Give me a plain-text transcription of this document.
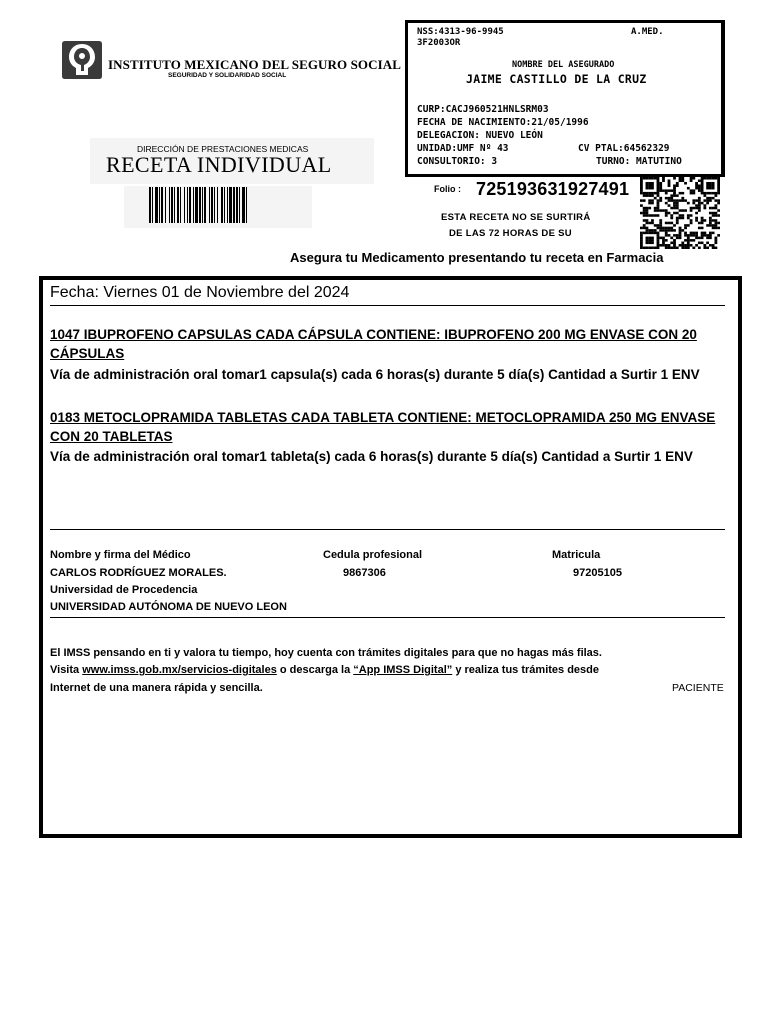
INSTITUTO MEXICANO DEL SEGURO SOCIAL
SEGURIDAD Y SOLIDARIDAD SOCIAL
DIRECCIÓN DE PRESTACIONES MEDICAS
RECETA INDIVIDUAL
NSS:4313-96-9945	A.MED.
3F2003OR
NOMBRE DEL ASEGURADO
JAIME CASTILLO DE LA CRUZ
CURP:CACJ960521HNLSRM03
FECHA DE NACIMIENTO:21/05/1996
DELEGACION: NUEVO LEÓN
UNIDAD:UMF Nº 43	CV PTAL:64562329
CONSULTORIO: 3	TURNO: MATUTINO
Folio : 725193631927491
ESTA RECETA NO SE SURTIRÁ
DE LAS 72 HORAS DE SU
Asegura tu Medicamento presentando tu receta en Farmacia
Fecha: Viernes 01 de Noviembre del 2024
1047 IBUPROFENO CAPSULAS CADA CÁPSULA CONTIENE: IBUPROFENO 200 MG ENVASE CON 20 CÁPSULAS
Vía de administración oral tomar1 capsula(s) cada 6 horas(s) durante 5 día(s) Cantidad a Surtir 1 ENV
0183 METOCLOPRAMIDA TABLETAS CADA TABLETA CONTIENE: METOCLOPRAMIDA 250 MG ENVASE CON 20 TABLETAS
Vía de administración oral tomar1 tableta(s) cada 6 horas(s) durante 5 día(s) Cantidad a Surtir 1 ENV
Nombre y firma del Médico	Cedula profesional	Matricula
CARLOS RODRÍGUEZ MORALES.	9867306	97205105
Universidad de Procedencia
UNIVERSIDAD AUTÓNOMA DE NUEVO LEON
El IMSS pensando en ti y valora tu tiempo, hoy cuenta con trámites digitales para que no hagas más filas.
Visita www.imss.gob.mx/servicios-digitales o descarga la “App IMSS Digital” y realiza tus trámites desde
Internet de una manera rápida y sencilla.	PACIENTE
